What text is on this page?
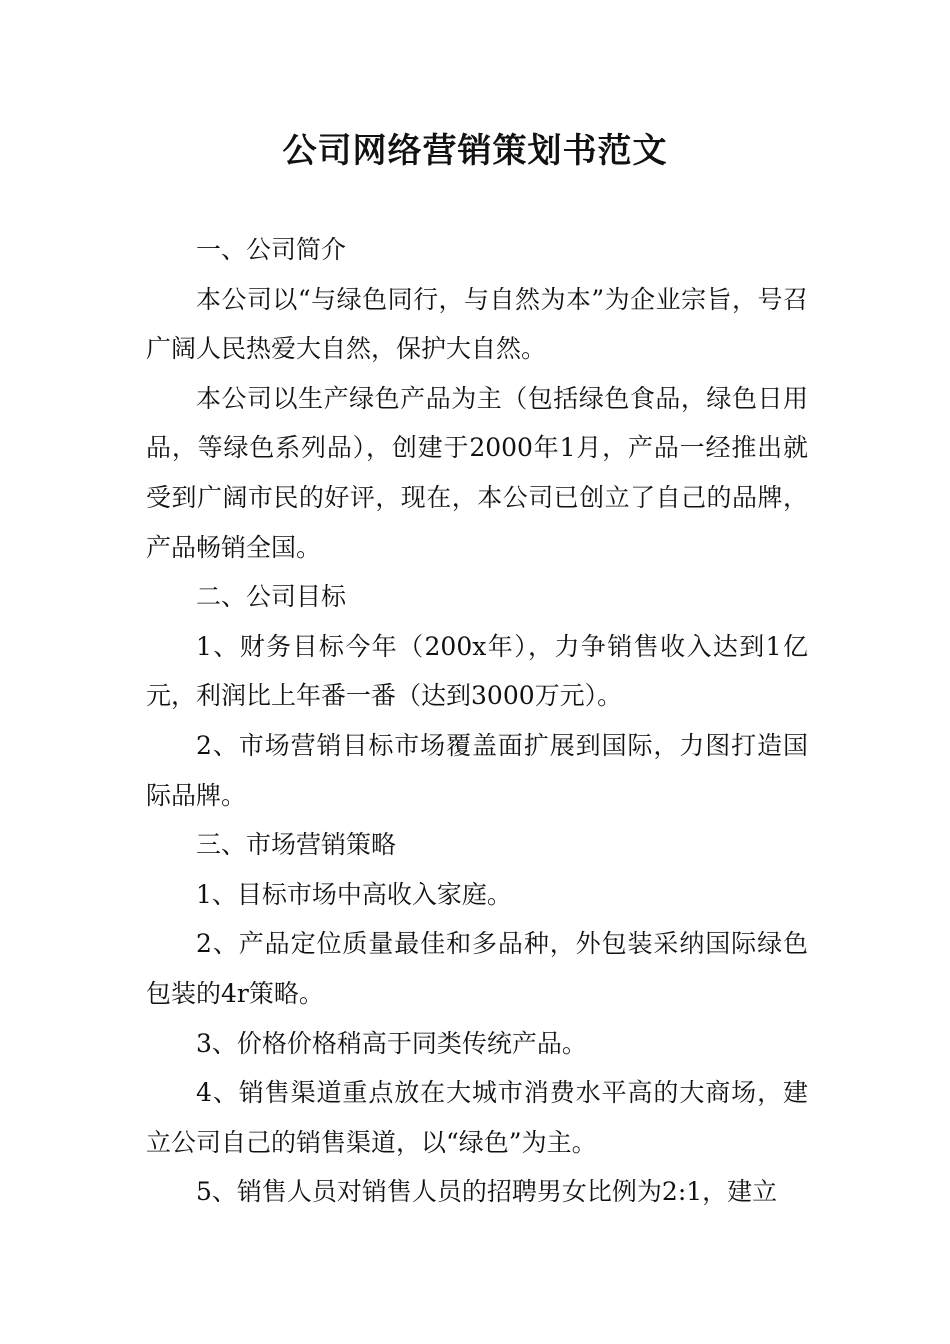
公司网络营销策划书范文

一、公司简介

本公司以“与绿色同行，与自然为本”为企业宗旨，号召广阔人民热爱大自然，保护大自然。

本公司以生产绿色产品为主（包括绿色食品，绿色日用品，等绿色系列品），创建于2000年1月，产品一经推出就受到广阔市民的好评，现在，本公司已创立了自己的品牌，产品畅销全国。

二、公司目标

1、财务目标今年（200x年），力争销售收入达到1亿元，利润比上年番一番（达到3000万元）。

2、市场营销目标市场覆盖面扩展到国际，力图打造国际品牌。

三、市场营销策略

1、目标市场中高收入家庭。

2、产品定位质量最佳和多品种，外包装采纳国际绿色包装的4r策略。

3、价格价格稍高于同类传统产品。

4、销售渠道重点放在大城市消费水平高的大商场，建立公司自己的销售渠道，以“绿色”为主。

5、销售人员对销售人员的招聘男女比例为2:1，建立
